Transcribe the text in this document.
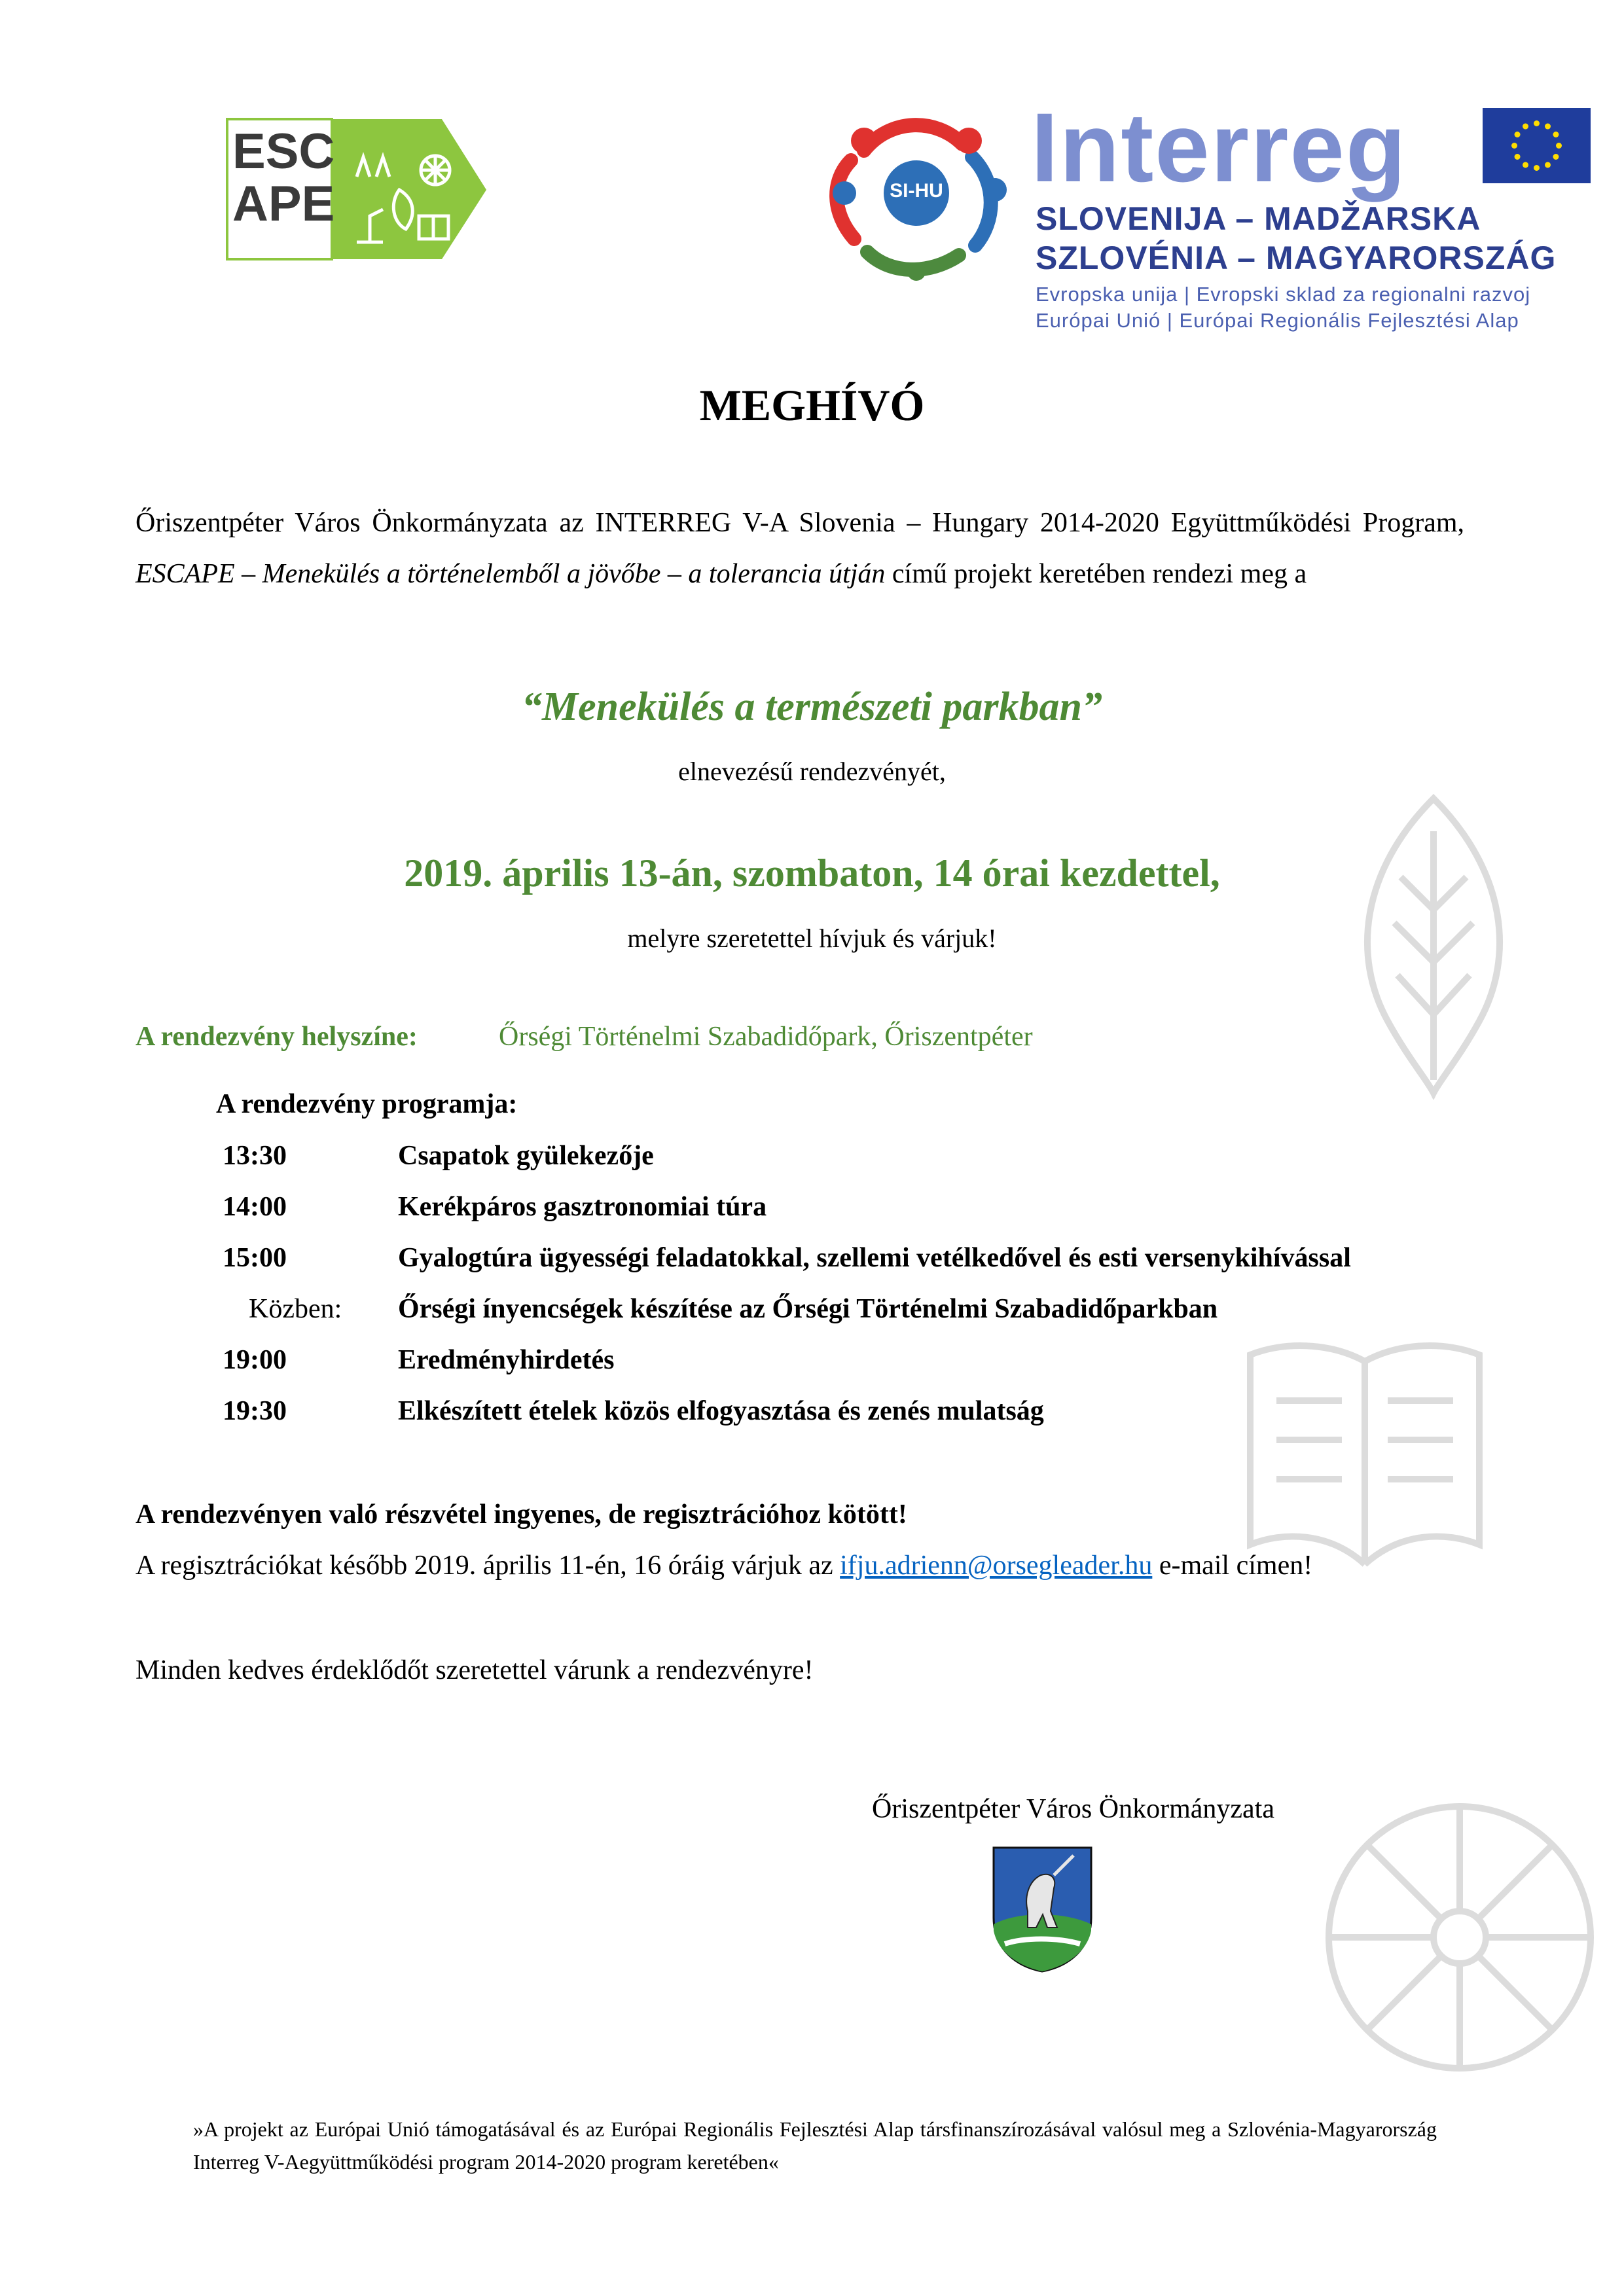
ESC
APE	SI-HU Interreg
SLOVENIJA – MADŽARSKA
SZLOVÉNIA – MAGYARORSZÁG
Evropska unija | Evropski sklad za regionalni razvoj
Európai Unió | Európai Regionális Fejlesztési Alap
MEGHÍVÓ
Őriszentpéter Város Önkormányzata az INTERREG V-A Slovenia – Hungary 2014-2020 Együttműködési Program, ESCAPE – Menekülés a történelemből a jövőbe – a tolerancia útján című projekt keretében rendezi meg a
“Menekülés a természeti parkban”
elnevezésű rendezvényét,
2019. április 13-án, szombaton, 14 órai kezdettel,
melyre szeretettel hívjuk és várjuk!
A rendezvény helyszíne:	Őrségi Történelmi Szabadidőpark, Őriszentpéter
A rendezvény programja:
13:30	Csapatok gyülekezője
14:00	Kerékpáros gasztronomiai túra
15:00	Gyalogtúra ügyességi feladatokkal, szellemi vetélkedővel és esti versenykihívással
Közben: Őrségi ínyencségek készítése az Őrségi Történelmi Szabadidőparkban
19:00	Eredményhirdetés
19:30	Elkészített ételek közös elfogyasztása és zenés mulatság
A rendezvényen való részvétel ingyenes, de regisztrációhoz kötött!
A regisztrációkat később 2019. április 11-én, 16 óráig várjuk az ifju.adrienn@orsegleader.hu e-mail címen!
Minden kedves érdeklődőt szeretettel várunk a rendezvényre!
Őriszentpéter Város Önkormányzata
»A projekt az Európai Unió támogatásával és az Európai Regionális Fejlesztési Alap társfinanszírozásával valósul meg a Szlovénia-Magyarország Interreg V-Aegyüttműködési program 2014-2020 program keretében«
